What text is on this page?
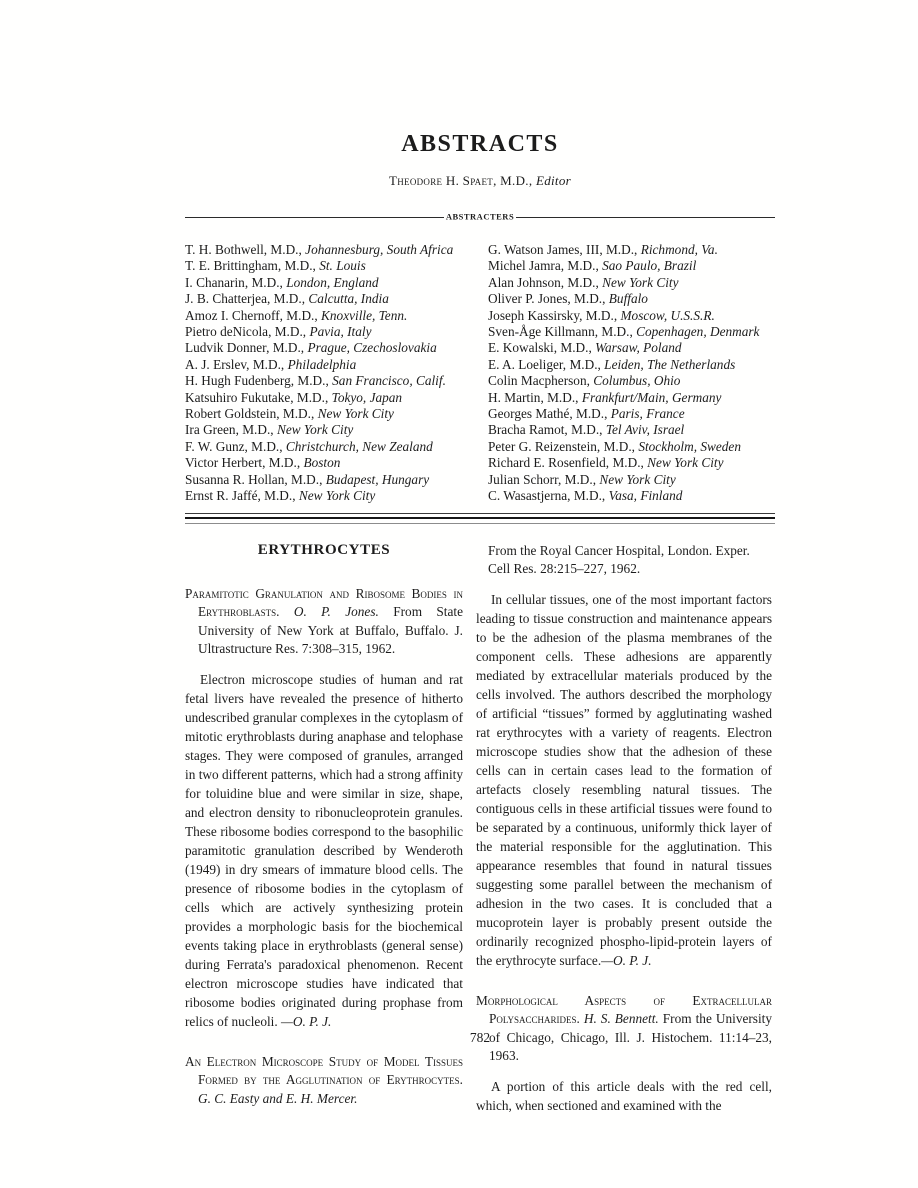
ABSTRACTS
Theodore H. Spaet, M.D., Editor
ABSTRACTERS
T. H. Bothwell, M.D., Johannesburg, South Africa
T. E. Brittingham, M.D., St. Louis
I. Chanarin, M.D., London, England
J. B. Chatterjea, M.D., Calcutta, India
Amoz I. Chernoff, M.D., Knoxville, Tenn.
Pietro deNicola, M.D., Pavia, Italy
Ludvik Donner, M.D., Prague, Czechoslovakia
A. J. Erslev, M.D., Philadelphia
H. Hugh Fudenberg, M.D., San Francisco, Calif.
Katsuhiro Fukutake, M.D., Tokyo, Japan
Robert Goldstein, M.D., New York City
Ira Green, M.D., New York City
F. W. Gunz, M.D., Christchurch, New Zealand
Victor Herbert, M.D., Boston
Susanna R. Hollan, M.D., Budapest, Hungary
Ernst R. Jaffé, M.D., New York City
G. Watson James, III, M.D., Richmond, Va.
Michel Jamra, M.D., Sao Paulo, Brazil
Alan Johnson, M.D., New York City
Oliver P. Jones, M.D., Buffalo
Joseph Kassirsky, M.D., Moscow, U.S.S.R.
Sven-Åge Killmann, M.D., Copenhagen, Denmark
E. Kowalski, M.D., Warsaw, Poland
E. A. Loeliger, M.D., Leiden, The Netherlands
Colin Macpherson, Columbus, Ohio
H. Martin, M.D., Frankfurt/Main, Germany
Georges Mathé, M.D., Paris, France
Bracha Ramot, M.D., Tel Aviv, Israel
Peter G. Reizenstein, M.D., Stockholm, Sweden
Richard E. Rosenfield, M.D., New York City
Julian Schorr, M.D., New York City
C. Wasastjerna, M.D., Vasa, Finland
ERYTHROCYTES

Paramitotic Granulation and Ribosome Bodies in Erythroblasts. O. P. Jones. From State University of New York at Buffalo, Buffalo. J. Ultrastructure Res. 7:308–315, 1962.

Electron microscope studies of human and rat fetal livers have revealed the presence of hitherto undescribed granular complexes in the cytoplasm of mitotic erythroblasts during anaphase and telophase stages. They were composed of granules, arranged in two different patterns, which had a strong affinity for toluidine blue and were similar in size, shape, and electron density to ribonucleoprotein granules. These ribosome bodies correspond to the basophilic paramitotic granulation described by Wenderoth (1949) in dry smears of immature blood cells. The presence of ribosome bodies in the cytoplasm of cells which are actively synthesizing protein provides a morphologic basis for the biochemical events taking place in erythroblasts (general sense) during Ferrata's paradoxical phenomenon. Recent electron microscope studies have indicated that ribosome bodies originated during prophase from relics of nucleoli. —O. P. J.

An Electron Microscope Study of Model Tissues Formed by the Agglutination of Erythrocytes. G. C. Easty and E. H. Mercer.

From the Royal Cancer Hospital, London. Exper. Cell Res. 28:215–227, 1962.

In cellular tissues, one of the most important factors leading to tissue construction and maintenance appears to be the adhesion of the plasma membranes of the component cells. These adhesions are apparently mediated by extracellular materials produced by the cells involved. The authors described the morphology of artificial “tissues” formed by agglutinating washed rat erythrocytes with a variety of reagents. Electron microscope studies show that the adhesion of these cells can in certain cases lead to the formation of artefacts closely resembling natural tissues. The contiguous cells in these artificial tissues were found to be separated by a continuous, uniformly thick layer of the material responsible for the agglutination. This appearance resembles that found in natural tissues suggesting some parallel between the mechanism of adhesion in the two cases. It is concluded that a mucoprotein layer is probably present outside the ordinarily recognized phospho-lipid-protein layers of the erythrocyte surface.—O. P. J.

Morphological Aspects of Extracellular Polysaccharides. H. S. Bennett. From the University of Chicago, Chicago, Ill. J. Histochem. 11:14–23, 1963.

A portion of this article deals with the red cell, which, when sectioned and examined with the

782
